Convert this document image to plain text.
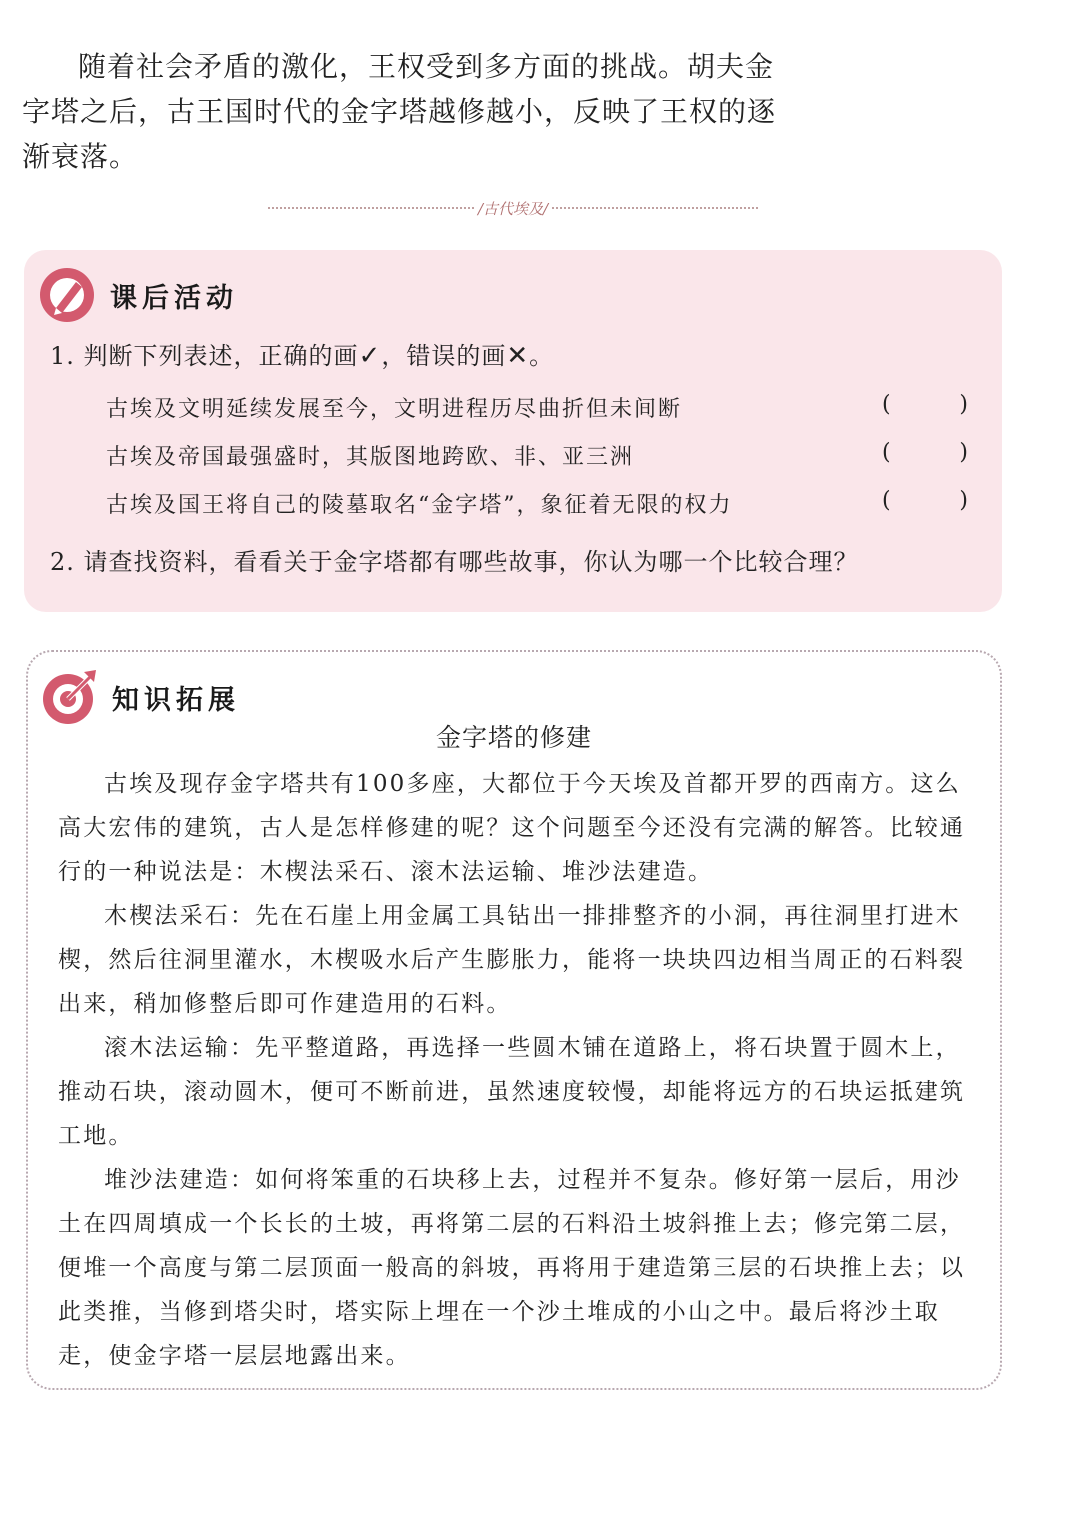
随着社会矛盾的激化，王权受到多方面的挑战。胡夫金字塔之后，古王国时代的金字塔越修越小，反映了王权的逐渐衰落。

/古代埃及/
课后活动
1. 判断下列表述，正确的画✓，错误的画✕。
古埃及文明延续发展至今，文明进程历尽曲折但未间断	(	)
古埃及帝国最强盛时，其版图地跨欧、非、亚三洲	(	)
古埃及国王将自己的陵墓取名“金字塔”，象征着无限的权力	(	)
2. 请查找资料，看看关于金字塔都有哪些故事，你认为哪一个比较合理？
知识拓展
金字塔的修建

古埃及现存金字塔共有100多座，大都位于今天埃及首都开罗的西南方。这么高大宏伟的建筑，古人是怎样修建的呢？这个问题至今还没有完满的解答。比较通行的一种说法是：木楔法采石、滚木法运输、堆沙法建造。

木楔法采石：先在石崖上用金属工具钻出一排排整齐的小洞，再往洞里打进木楔，然后往洞里灌水，木楔吸水后产生膨胀力，能将一块块四边相当周正的石料裂出来，稍加修整后即可作建造用的石料。

滚木法运输：先平整道路，再选择一些圆木铺在道路上，将石块置于圆木上，推动石块，滚动圆木，便可不断前进，虽然速度较慢，却能将远方的石块运抵建筑工地。

堆沙法建造：如何将笨重的石块移上去，过程并不复杂。修好第一层后，用沙土在四周填成一个长长的土坡，再将第二层的石料沿土坡斜推上去；修完第二层，便堆一个高度与第二层顶面一般高的斜坡，再将用于建造第三层的石块推上去；以此类推，当修到塔尖时，塔实际上埋在一个沙土堆成的小山之中。最后将沙土取走，使金字塔一层层地露出来。
